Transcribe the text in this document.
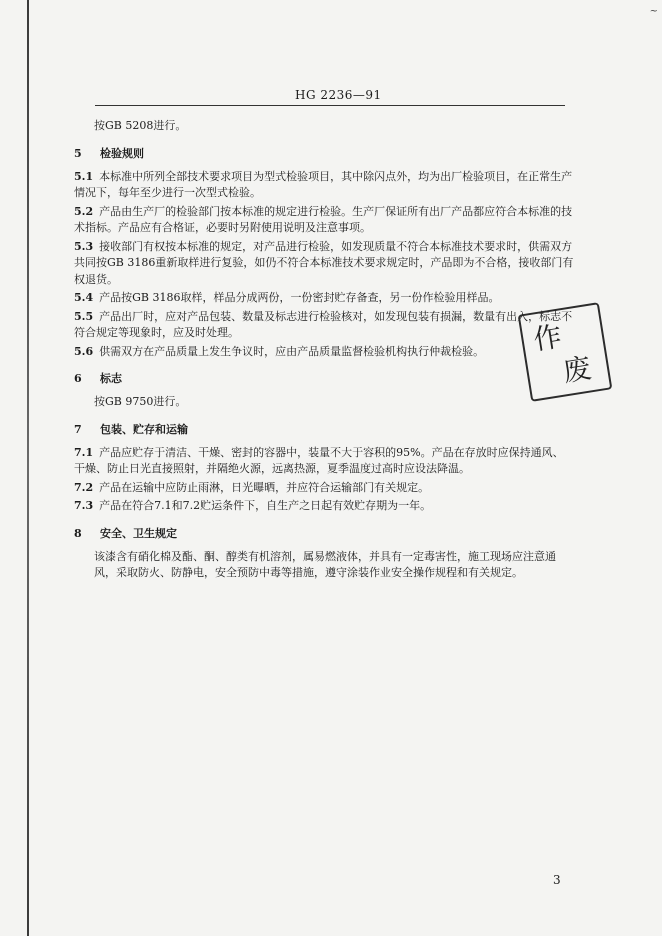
~
HG 2236—91

按GB 5208进行。

5 检验规则

5.1 本标准中所列全部技术要求项目为型式检验项目，其中除闪点外，均为出厂检验项目，在正常生产情况下，每年至少进行一次型式检验。

5.2 产品由生产厂的检验部门按本标准的规定进行检验。生产厂保证所有出厂产品都应符合本标准的技术指标。产品应有合格证，必要时另附使用说明及注意事项。

5.3 接收部门有权按本标准的规定，对产品进行检验，如发现质量不符合本标准技术要求时，供需双方共同按GB 3186重新取样进行复验，如仍不符合本标准技术要求规定时，产品即为不合格，接收部门有权退货。

5.4 产品按GB 3186取样，样品分成两份，一份密封贮存备查，另一份作检验用样品。

5.5 产品出厂时，应对产品包装、数量及标志进行检验核对，如发现包装有损漏，数量有出入，标志不符合规定等现象时，应及时处理。

5.6 供需双方在产品质量上发生争议时，应由产品质量监督检验机构执行仲裁检验。

6 标志

按GB 9750进行。

7 包装、贮存和运输

7.1 产品应贮存于清洁、干燥、密封的容器中，装量不大于容积的95%。产品在存放时应保持通风、干燥、防止日光直接照射，并隔绝火源，远离热源，夏季温度过高时应设法降温。

7.2 产品在运输中应防止雨淋，日光曝晒，并应符合运输部门有关规定。

7.3 产品在符合7.1和7.2贮运条件下，自生产之日起有效贮存期为一年。

8 安全、卫生规定

该漆含有硝化棉及酯、酮、醇类有机溶剂，属易燃液体，并具有一定毒害性，施工现场应注意通风，采取防火、防静电，安全预防中毒等措施，遵守涂装作业安全操作规程和有关规定。

作
废
3
